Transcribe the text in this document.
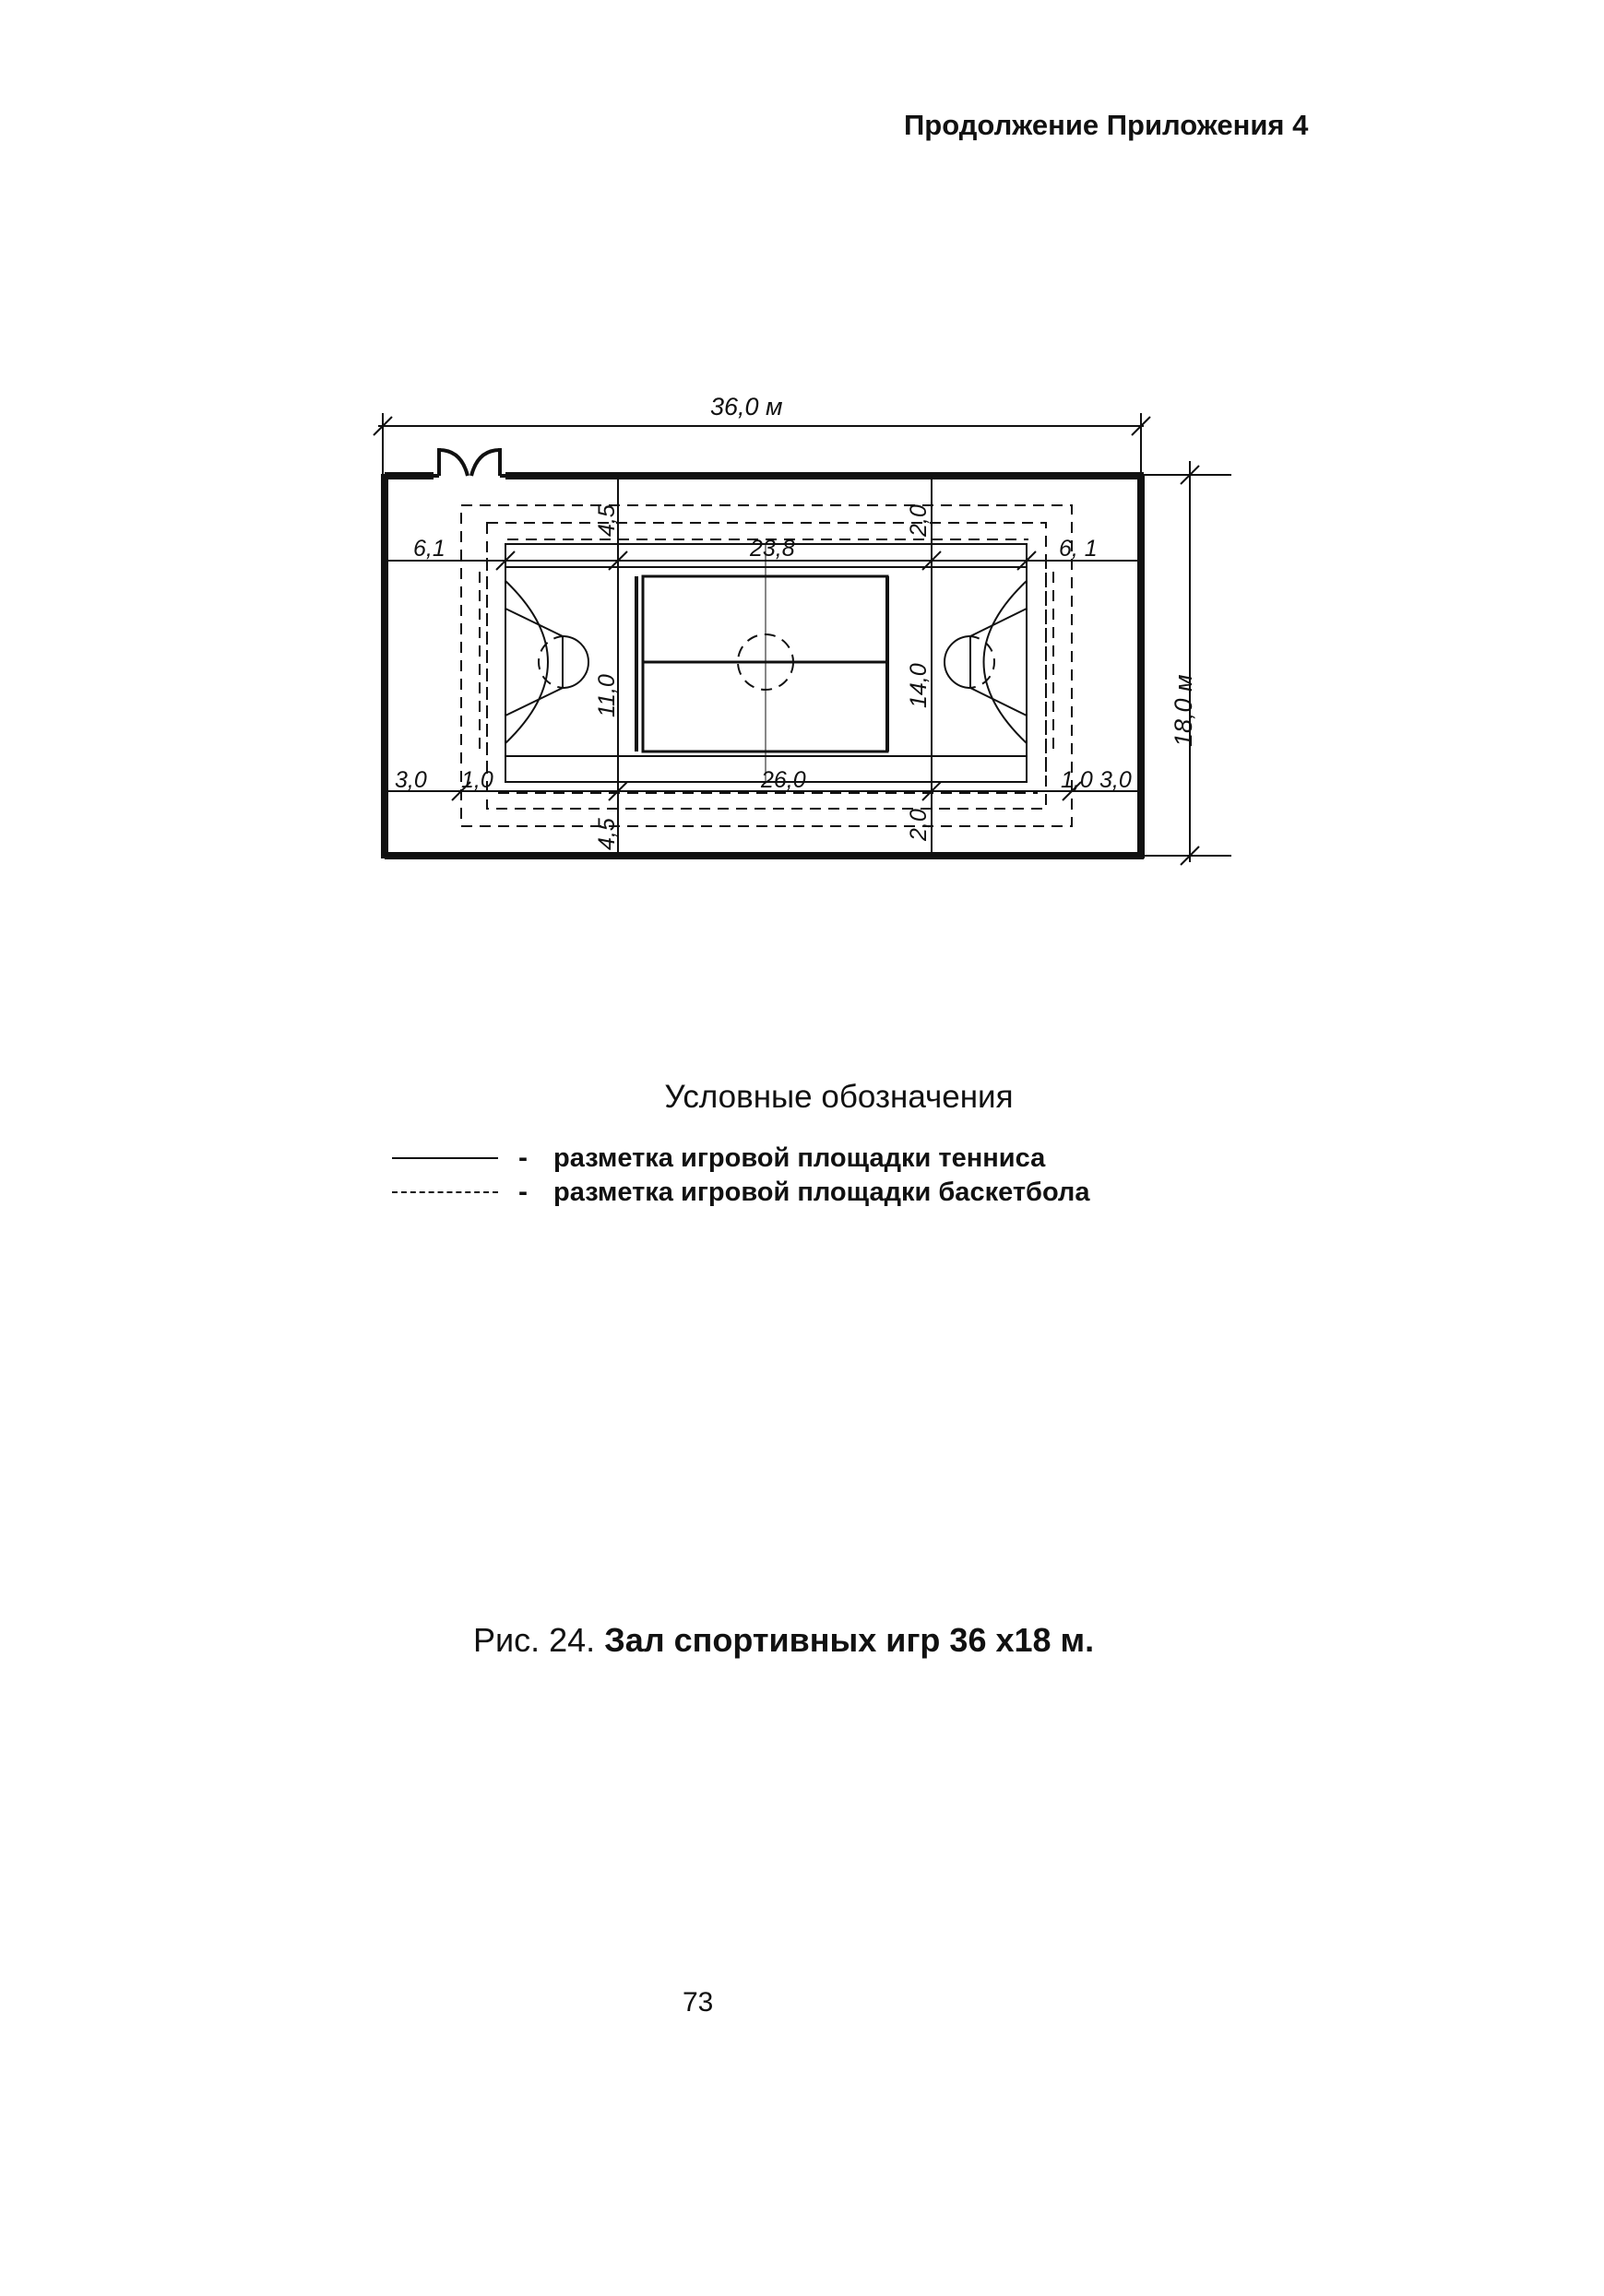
Продолжение Приложения 4
36,0 м
18,0 м
6,1	23,8	6, 1
3,0 1,0	26,0	1,0 3,0
4,5	2,0
4,5	2,0
11,0	14,0
Условные обозначения
- разметка игровой площадки тенниса
- разметка игровой площадки баскетбола
Рис. 24. Зал спортивных игр 36 х18 м.
73
